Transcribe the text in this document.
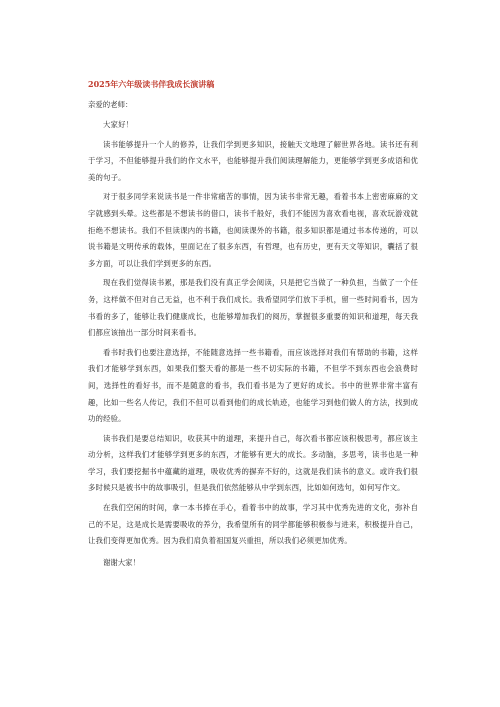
2025年六年级读书伴我成长演讲稿
亲爱的老师：

大家好！

读书能够提升一个人的修养，让我们学到更多知识，接触天文地理了解世界各地。读书还有利于学习，不但能够提升我们的作文水平，也能够提升我们阅读理解能力，更能够学到更多成语和优美的句子。

对于很多同学来说读书是一件非常痛苦的事情，因为读书非常无趣，看着书本上密密麻麻的文字就感到头晕。这些都是不想读书的借口，读书千般好，我们不能因为喜欢看电视，喜欢玩游戏就拒绝不想读书。我们不但读课内的书籍，也阅读课外的书籍，很多知识都是通过书本传递的，可以说书籍是文明传承的载体，里面记在了很多东西，有哲理，也有历史，更有天文等知识，囊括了很多方面，可以让我们学到更多的东西。

现在我们觉得读书累，那是我们没有真正学会阅读，只是把它当做了一种负担，当做了一个任务，这样做不但对自己无益，也不利于我们成长。我希望同学们放下手机，留一些时间看书，因为书看的多了，能够让我们健康成长，也能够增加我们的阅历，掌握很多重要的知识和道理，每天我们都应该抽出一部分时间来看书。

看书时我们也要注意选择，不能随意选择一些书籍看，而应该选择对我们有帮助的书籍，这样我们才能够学到东西，如果我们整天看的都是一些不切实际的书籍，不但学不到东西也会浪费时间，选择性的看好书，而不是随意的看书，我们看书是为了更好的成长。书中的世界非常丰富有趣，比如一些名人传记，我们不但可以看到他们的成长轨迹，也能学习到他们做人的方法，找到成功的经验。

读书我们是要总结知识，收获其中的道理，来提升自己，每次看书都应该积极思考，都应该主动分析，这样我们才能够学到更多的东西，才能够有更大的成长。多动脑，多思考，读书也是一种学习，我们要挖掘书中蕴藏的道理，吸收优秀的摒弃不好的，这就是我们读书的意义。或许我们很多时候只是被书中的故事吸引，但是我们依然能够从中学到东西，比如如何选句，如何写作文。

在我们空闲的时间，拿一本书捧在手心，看着书中的故事，学习其中优秀先进的文化，弥补自己的不足，这是成长是需要吸收的养分，我希望所有的同学都能够积极参与进来，积极提升自己，让我们变得更加优秀。因为我们肩负着祖国复兴重担，所以我们必须更加优秀。

谢谢大家！
